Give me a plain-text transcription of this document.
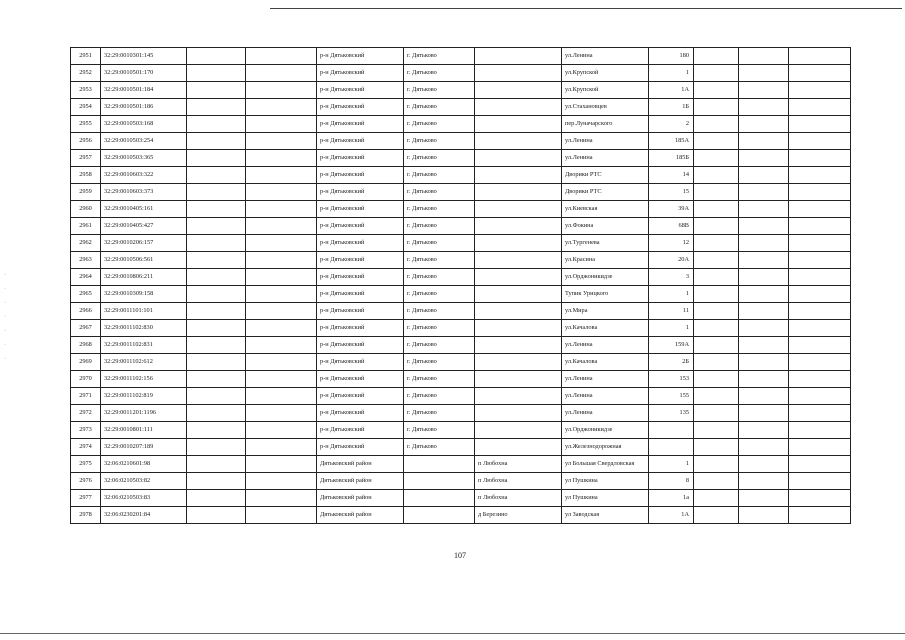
·
·
·
·
·
·
·
2951	32:29:0010301:145			р-н Дятьковский	г. Дятьково		ул.Ленина	180			
2952	32:29:0010501:170			р-н Дятьковский	г. Дятьково		ул.Крупской	1			
2953	32:29:0010501:184			р-н Дятьковский	г. Дятьково		ул.Крупской	1А			
2954	32:29:0010501:186			р-н Дятьковский	г. Дятьково		ул.Стахановцев	1Б			
2955	32:29:0010503:168			р-н Дятьковский	г. Дятьково		пер.Луначарского	2			
2956	32:29:0010503:254			р-н Дятьковский	г. Дятьково		ул.Ленина	185А			
2957	32:29:0010503:365			р-н Дятьковский	г. Дятьково		ул.Ленина	185Б			
2958	32:29:0010603:322			р-н Дятьковский	г. Дятьково		Дворики РТС	14			
2959	32:29:0010603:373			р-н Дятьковский	г. Дятьково		Дворики РТС	15			
2960	32:29:0010405:161			р-н Дятьковский	г. Дятьково		ул.Киевская	39А			
2961	32:29:0010405:427			р-н Дятьковский	г. Дятьково		ул.Фокина	68В			
2962	32:29:0010206:157			р-н Дятьковский	г. Дятьково		ул.Тургенева	12			
2963	32:29:0010506:561			р-н Дятьковский	г. Дятьково		ул.Красина	20А			
2964	32:29:0010806:211			р-н Дятьковский	г. Дятьково		ул.Орджоникидзе	3			
2965	32:29:0010309:158			р-н Дятьковский	г. Дятьково		Тупик Урицкого	1			
2966	32:29:0011101:101			р-н Дятьковский	г. Дятьково		ул.Мира	11			
2967	32:29:0011102:830			р-н Дятьковский	г. Дятьково		ул.Качалова	1			
2968	32:29:0011102:831			р-н Дятьковский	г. Дятьково		ул.Ленина	159А			
2969	32:29:0011102:612			р-н Дятьковский	г. Дятьково		ул.Качалова	2Б			
2970	32:29:0011102:156			р-н Дятьковский	г. Дятьково		ул.Ленина	153			
2971	32:29:0011102:819			р-н Дятьковский	г. Дятьково		ул.Ленина	155			
2972	32:29:0011201:1196			р-н Дятьковский	г. Дятьково		ул.Ленина	135			
2973	32:29:0010801:111			р-н Дятьковский	г. Дятьково		ул.Орджоникидзе				
2974	32:29:0010207:189			р-н Дятьковский	г. Дятьково		ул.Железнодорожная				
2975	32:06:0210601:98			Дятьковский район		п Любохна	ул Большая Свердловская	1			
2976	32:06:0210503:82			Дятьковский район		п Любохна	ул Пушкина	8			
2977	32:06:0210503:83			Дятьковский район		п Любохна	ул Пушкина	1а			
2978	32:06:0230201:84			Дятьковский район		д Березино	ул Заводская	1А			
107
